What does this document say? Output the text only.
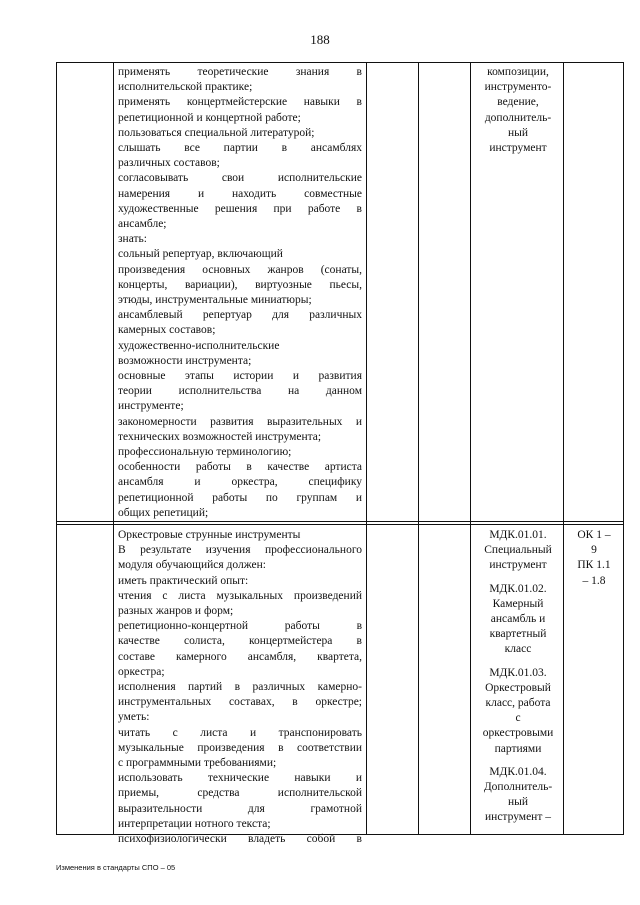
188
применять теоретические знания в
исполнительской практике;
применять концертмейстерские навыки в
репетиционной и концертной работе;
пользоваться специальной литературой;
слышать все партии в ансамблях
различных составов;
согласовывать свои исполнительские
намерения и находить совместные
художественные решения при работе в
ансамбле;
знать:
сольный репертуар, включающий
произведения основных жанров (сонаты,
концерты, вариации), виртуозные пьесы,
этюды, инструментальные миниатюры;
ансамблевый репертуар для различных
камерных составов;
художественно-исполнительские
возможности инструмента;
основные этапы истории и развития
теории исполнительства на данном
инструменте;
закономерности развития выразительных и
технических возможностей инструмента;
профессиональную терминологию;
особенности работы в качестве артиста
ансамбля и оркестра, специфику
репетиционной работы по группам и
общих репетиций;
композиции,
инструменто-
ведение,
дополнитель-
ный
инструмент
Оркестровые струнные инструменты
В результате изучения профессионального
модуля обучающийся должен:
иметь практический опыт:
чтения с листа музыкальных произведений
разных жанров и форм;
репетиционно-концертной работы в
качестве солиста, концертмейстера в
составе камерного ансамбля, квартета,
оркестра;
исполнения партий в различных камерно-
инструментальных составах, в оркестре;
уметь:
читать с листа и транспонировать
музыкальные произведения в соответствии
с программными требованиями;
использовать технические навыки и
приемы, средства исполнительской
выразительности для грамотной
интерпретации нотного текста;
психофизиологически владеть собой в
МДК.01.01.
Специальный
инструмент
МДК.01.02.
Камерный
ансамбль и
квартетный
класс
МДК.01.03.
Оркестровый
класс, работа
с
оркестровыми
партиями
МДК.01.04.
Дополнитель-
ный
инструмент –
ОК 1 –
9
ПК 1.1
– 1.8
Изменения в стандарты СПО – 05
